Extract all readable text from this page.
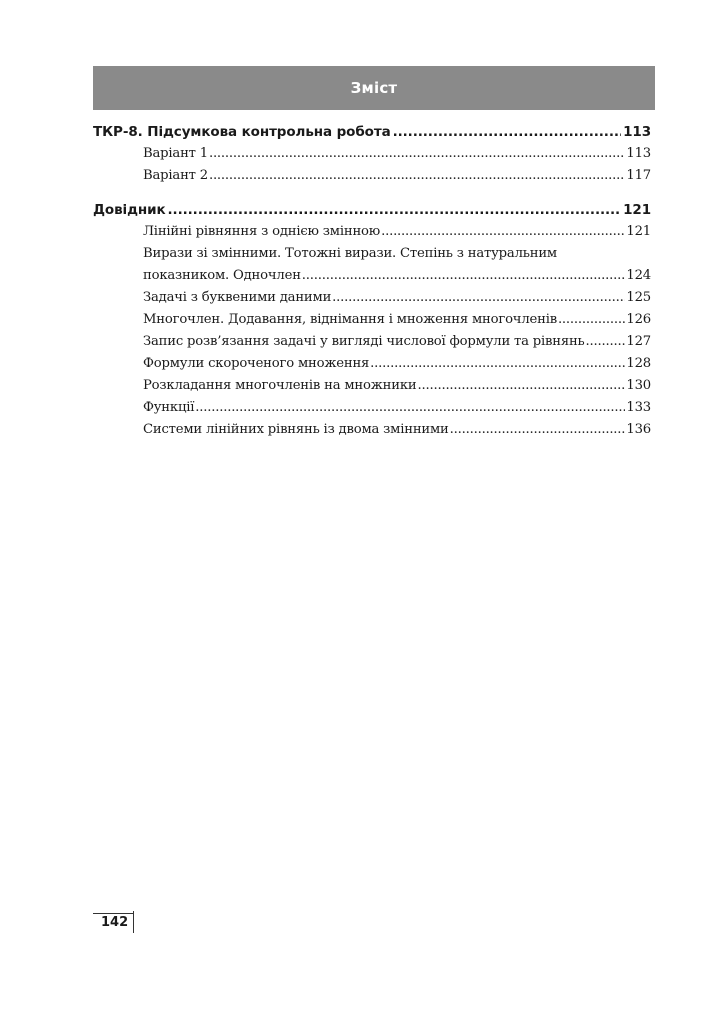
Зміст
ТКР-8. Підсумкова контрольна робота .....	113
Варіант 1 .....	113
Варіант 2 .....	117
Довідник .....	121
Лінійні рівняння з однією змінною .....	121
Вирази зі змінними. Тотожні вирази. Степінь з натуральним
показником. Одночлен .....	124
Задачі з буквеними даними .....	125
Многочлен. Додавання, віднімання і множення многочленів .....	126
Запис розв’язання задачі у вигляді числової формули та рівнянь .....	127
Формули скороченого множення .....	128
Розкладання многочленів на множники .....	130
Функції .....	133
Системи лінійних рівнянь із двома змінними .....	136
142
